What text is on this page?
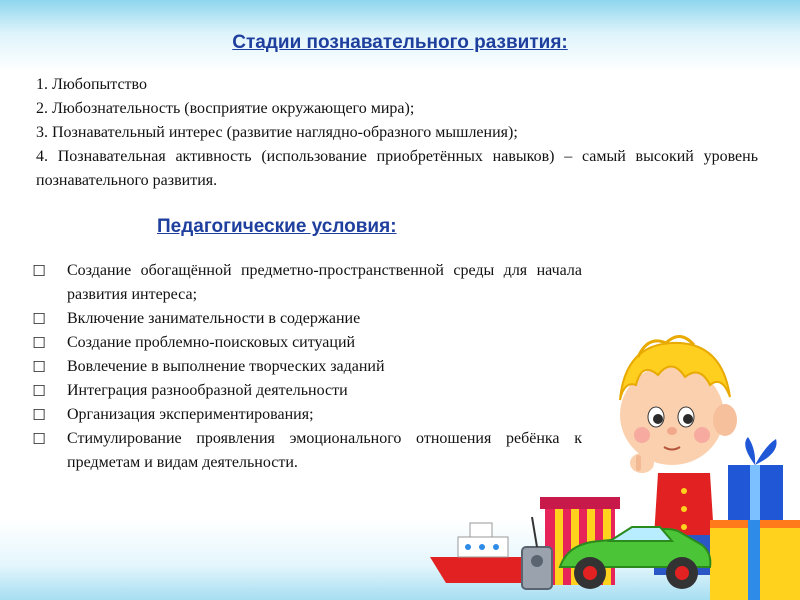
Стадии познавательного развития:
1. Любопытство
2. Любознательность (восприятие окружающего мира);
3. Познавательный интерес (развитие наглядно-образного мышления);
4. Познавательная активность (использование приобретённых навыков) – самый высокий уровень познавательного развития.
Педагогические условия:
☐ Создание обогащённой предметно-пространственной среды для начала развития интереса;
☐ Включение занимательности в содержание
☐ Создание проблемно-поисковых ситуаций
☐ Вовлечение в выполнение творческих заданий
☐ Интеграция разнообразной деятельности
☐ Организация экспериментирования;
☐ Стимулирование проявления эмоционального отношения ребёнка к предметам и видам деятельности.
